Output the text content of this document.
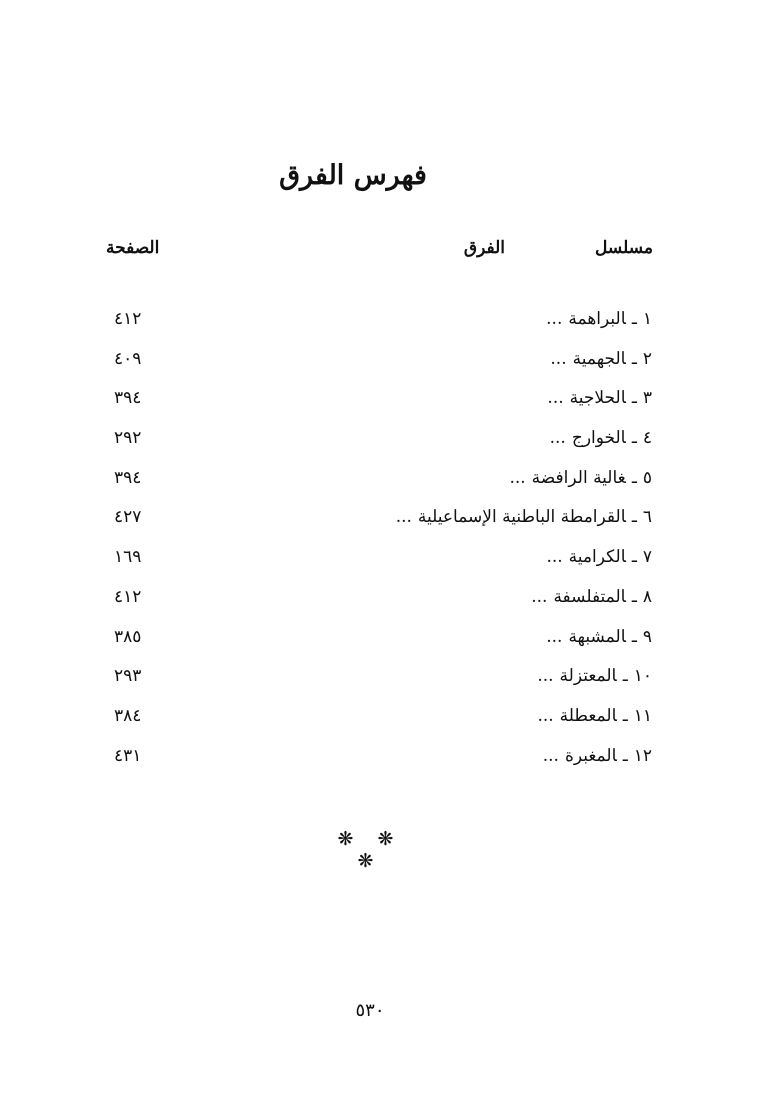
فهرس الفرق
مسلسل
الفرق
الصفحة
١ـالبراهمة...
٤١٢
٢ـالجهمية...
٤٠٩
٣ـالحلاجية...
٣٩٤
٤ـالخوارج...
٢٩٢
٥ـغالية الرافضة...
٣٩٤
٦ـالقرامطة الباطنية الإسماعيلية...
٤٢٧
٧ـالكرامية...
١٦٩
٨ـالمتفلسفة...
٤١٢
٩ـالمشبهة...
٣٨٥
١٠ـالمعتزلة...
٢٩٣
١١ـالمعطلة...
٣٨٤
١٢ـالمغبرة...
٤٣١
❋ ❋ ❋
٥٣٠
